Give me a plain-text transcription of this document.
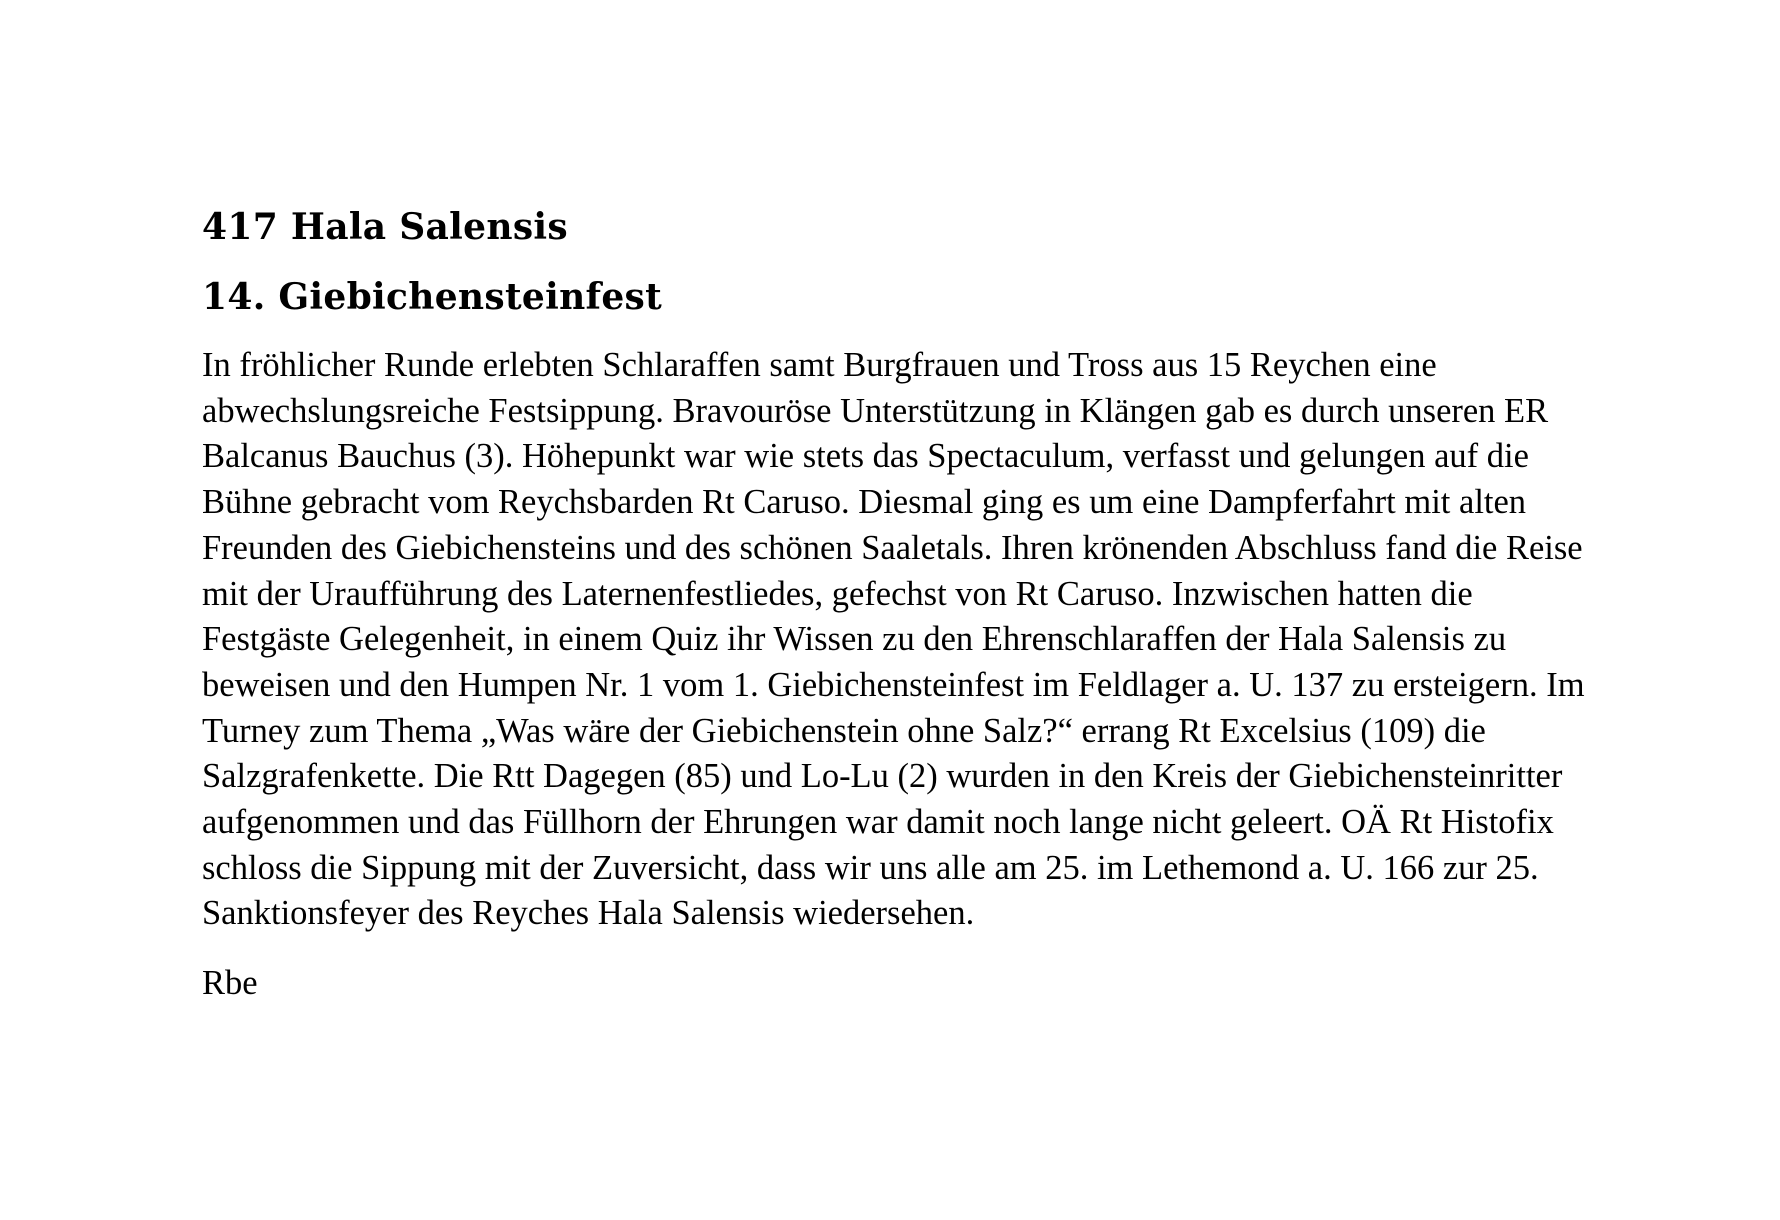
417 Hala Salensis
14. Giebichensteinfest

In fröhlicher Runde erlebten Schlaraffen samt Burgfrauen und Tross aus 15 Reychen eine abwechslungsreiche Festsippung. Bravouröse Unterstützung in Klängen gab es durch unseren ER Balcanus Bauchus (3). Höhepunkt war wie stets das Spectaculum, verfasst und gelungen auf die Bühne gebracht vom Reychsbarden Rt Caruso. Diesmal ging es um eine Dampferfahrt mit alten Freunden des Giebichensteins und des schönen Saaletals. Ihren krönenden Abschluss fand die Reise mit der Uraufführung des Laternenfestliedes, gefechst von Rt Caruso. Inzwischen hatten die Festgäste Gelegenheit, in einem Quiz ihr Wissen zu den Ehrenschlaraffen der Hala Salensis zu beweisen und den Humpen Nr. 1 vom 1. Giebichensteinfest im Feldlager a. U. 137 zu ersteigern. Im Turney zum Thema „Was wäre der Giebichenstein ohne Salz?“ errang Rt Excelsius (109) die Salzgrafenkette. Die Rtt Dagegen (85) und Lo-Lu (2) wurden in den Kreis der Giebichensteinritter aufgenommen und das Füllhorn der Ehrungen war damit noch lange nicht geleert. OÄ Rt Histofix schloss die Sippung mit der Zuversicht, dass wir uns alle am 25. im Lethemond a. U. 166 zur 25. Sanktionsfeyer des Reyches Hala Salensis wiedersehen.

Rbe
